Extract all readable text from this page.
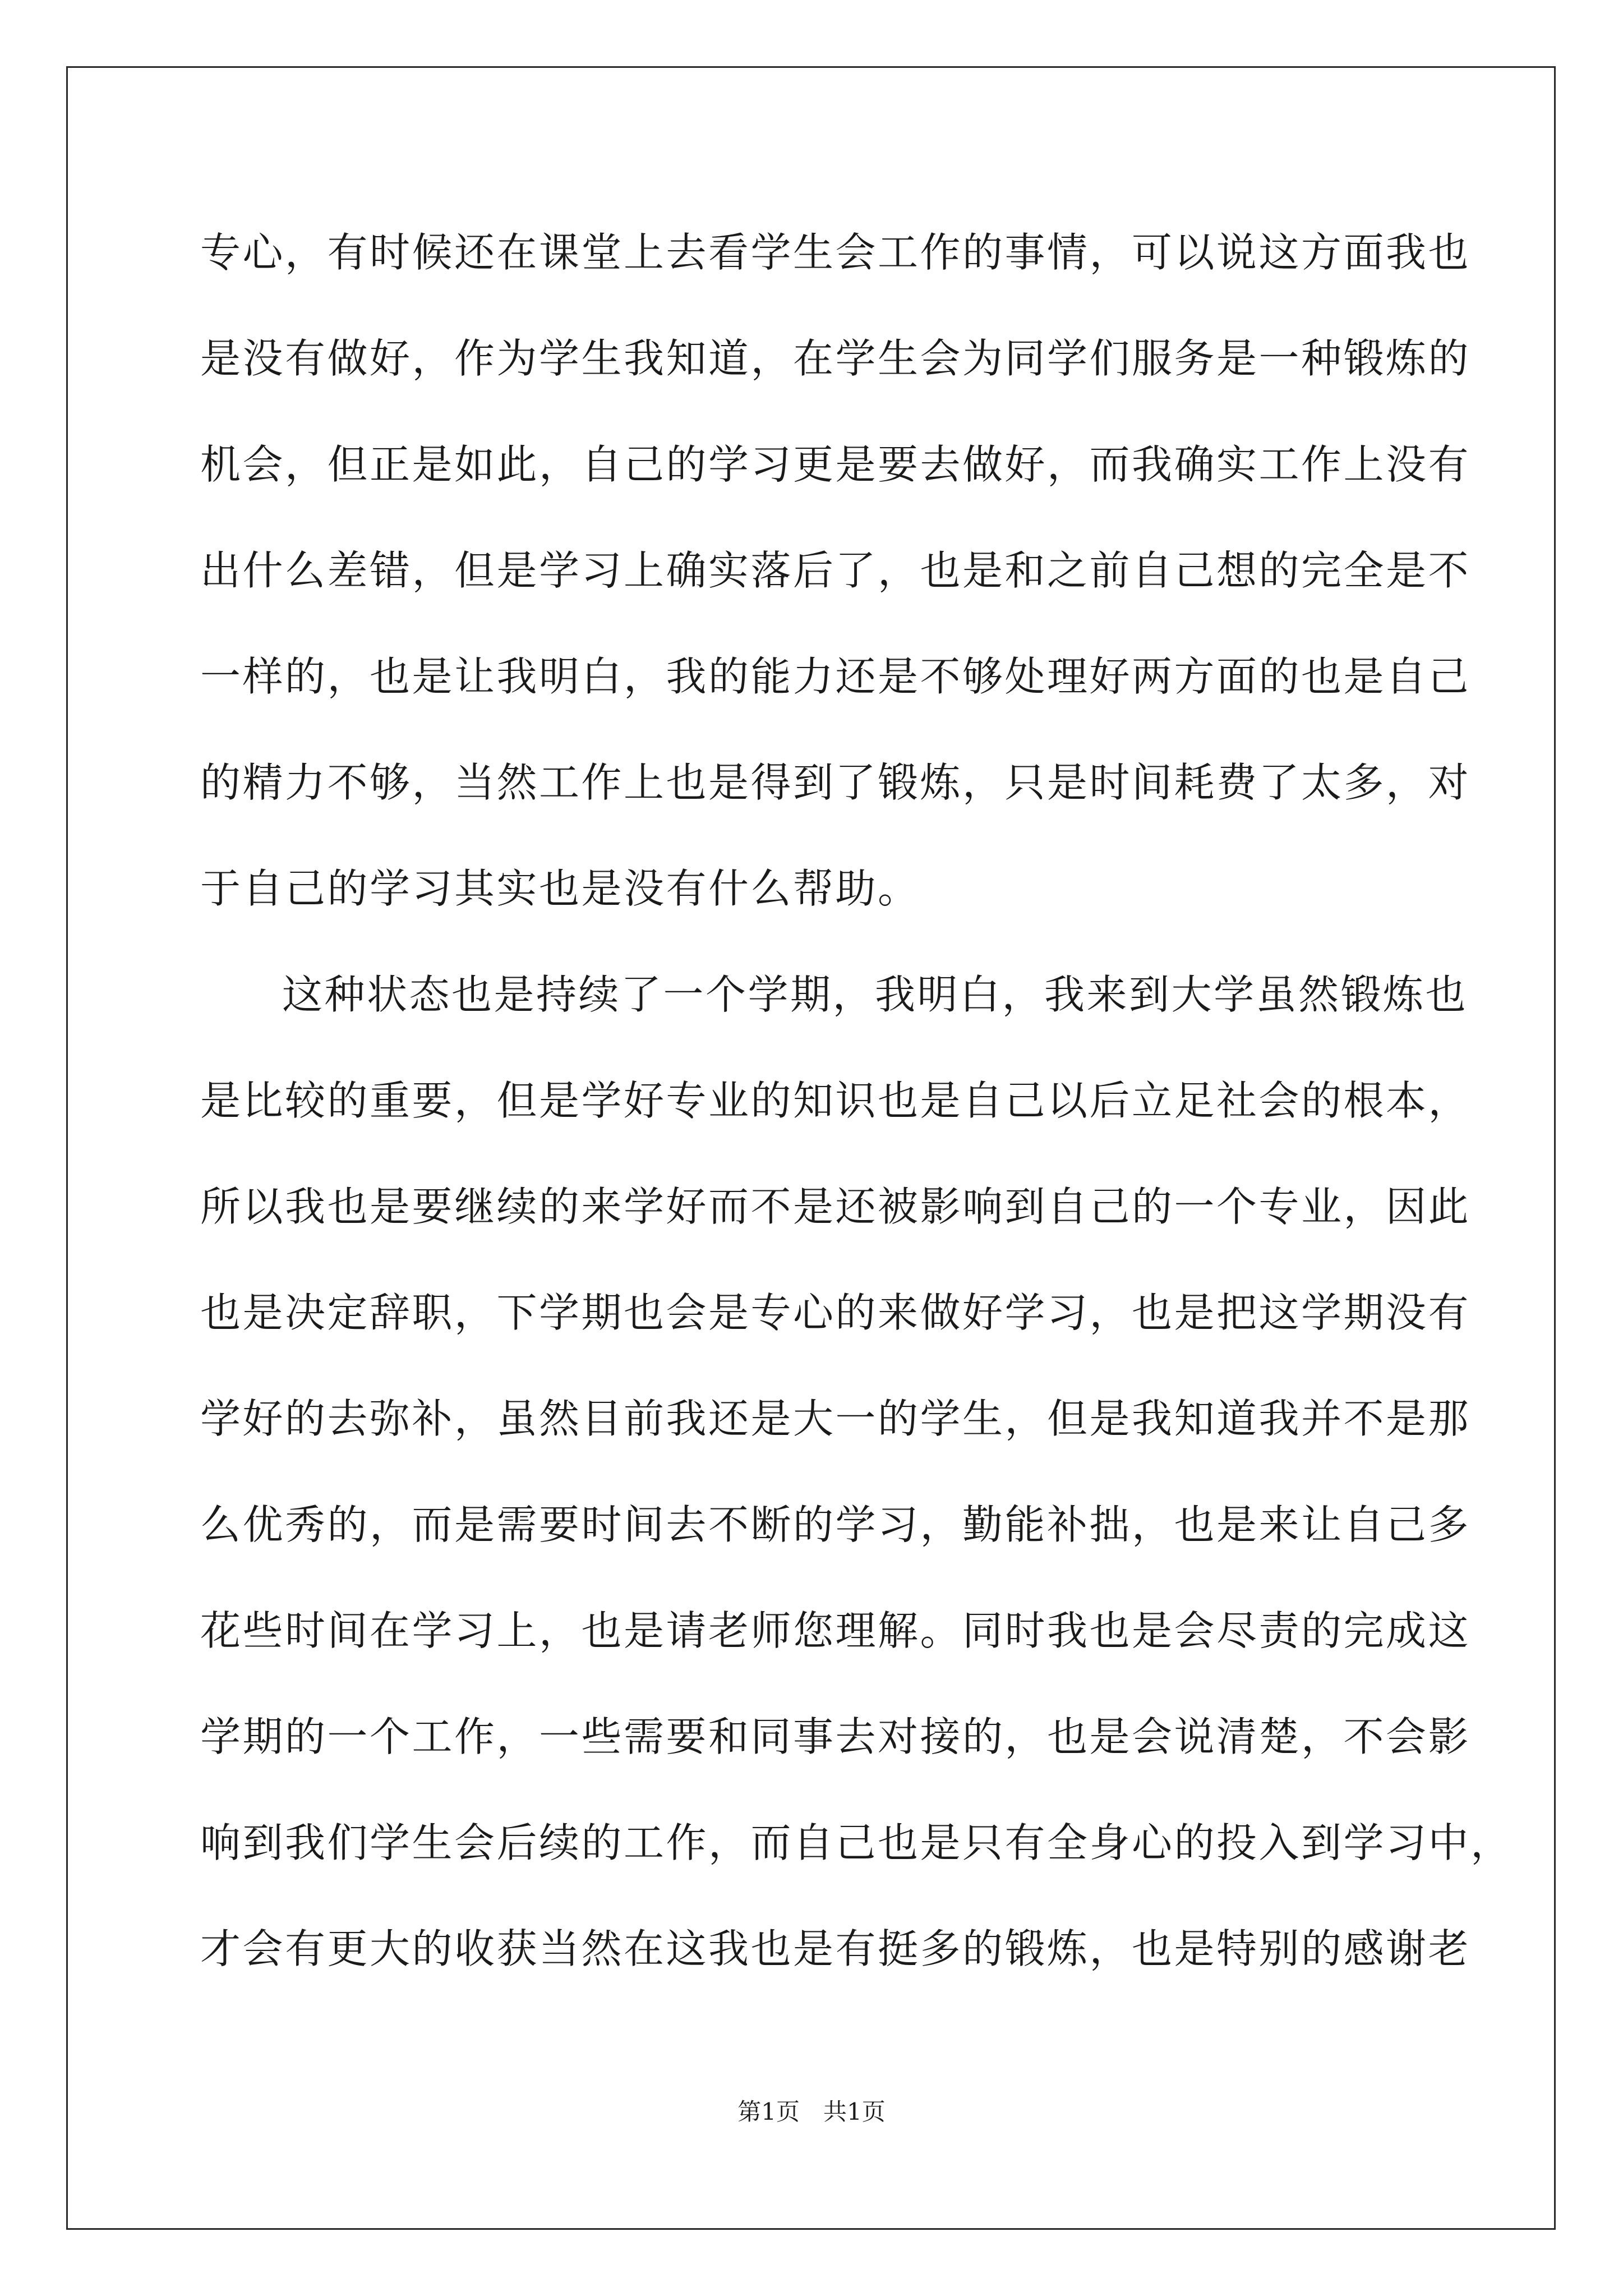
专心，有时候还在课堂上去看学生会工作的事情，可以说这方面我也
是没有做好，作为学生我知道，在学生会为同学们服务是一种锻炼的
机会，但正是如此，自己的学习更是要去做好，而我确实工作上没有
出什么差错，但是学习上确实落后了，也是和之前自己想的完全是不
一样的，也是让我明白，我的能力还是不够处理好两方面的也是自己
的精力不够，当然工作上也是得到了锻炼，只是时间耗费了太多，对
于自己的学习其实也是没有什么帮助。
这种状态也是持续了一个学期，我明白，我来到大学虽然锻炼也
是比较的重要，但是学好专业的知识也是自己以后立足社会的根本，
所以我也是要继续的来学好而不是还被影响到自己的一个专业，因此
也是决定辞职，下学期也会是专心的来做好学习，也是把这学期没有
学好的去弥补，虽然目前我还是大一的学生，但是我知道我并不是那
么优秀的，而是需要时间去不断的学习，勤能补拙，也是来让自己多
花些时间在学习上，也是请老师您理解。同时我也是会尽责的完成这
学期的一个工作，一些需要和同事去对接的，也是会说清楚，不会影
响到我们学生会后续的工作，而自己也是只有全身心的投入到学习中，
才会有更大的收获当然在这我也是有挺多的锻炼，也是特别的感谢老
第1页 共1页
